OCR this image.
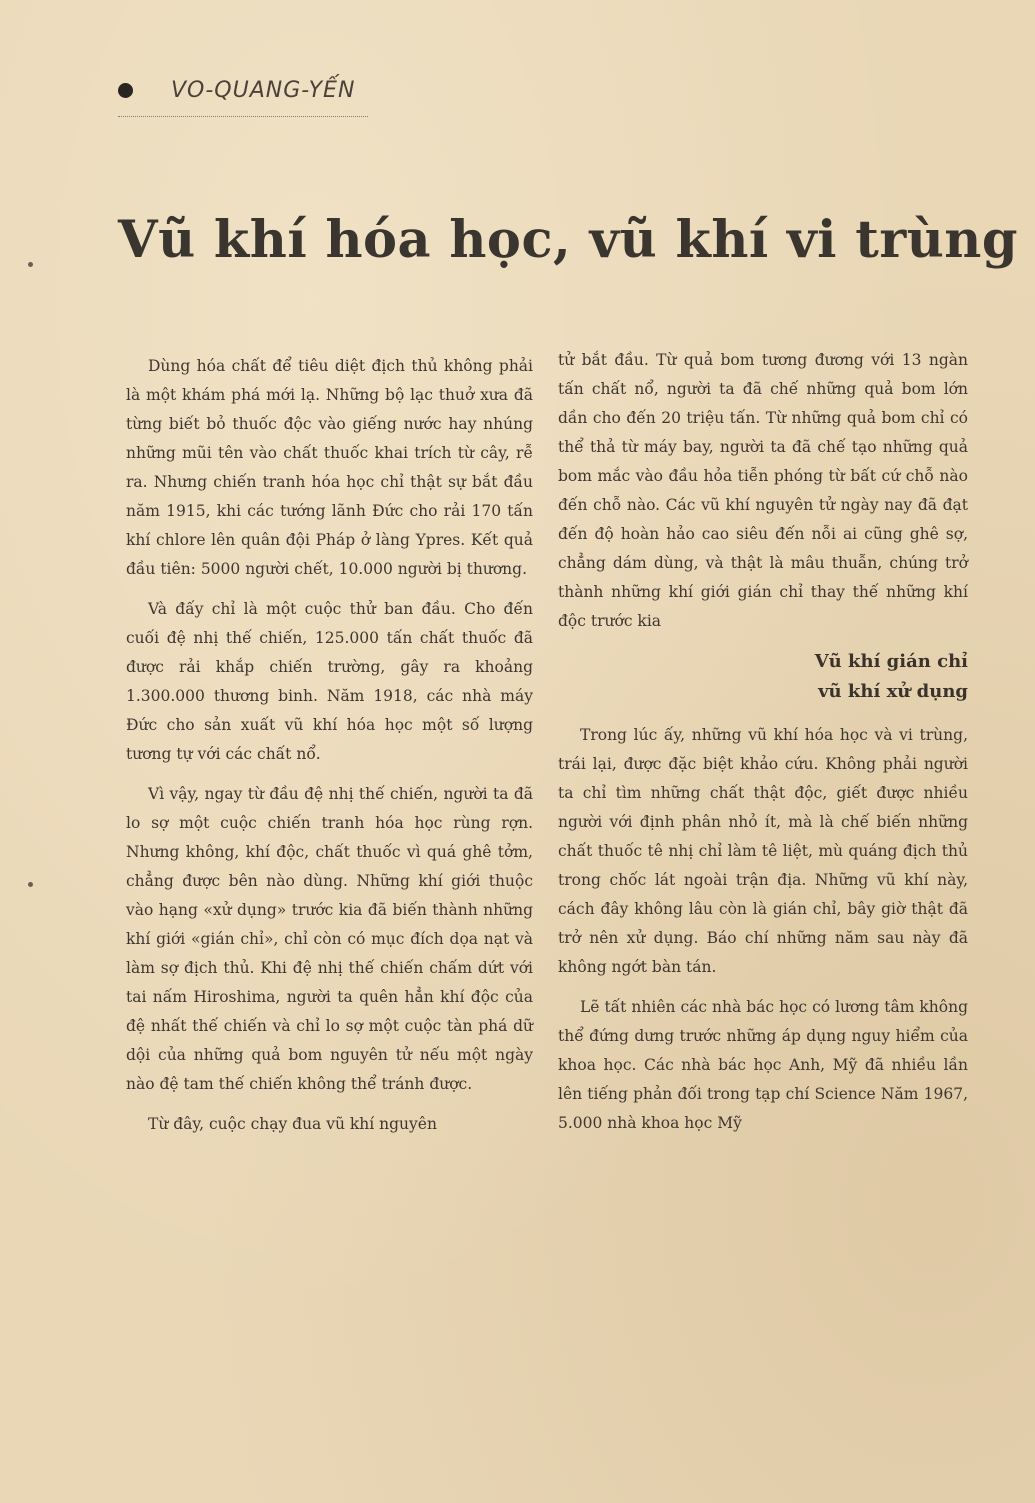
VO-QUANG-YẾN
Vũ khí hóa học, vũ khí vi trùng

Dùng hóa chất để tiêu diệt địch thủ không phải là một khám phá mới lạ. Những bộ lạc thuở xưa đã từng biết bỏ thuốc độc vào giếng nước hay nhúng những mũi tên vào chất thuốc khai trích từ cây, rễ ra. Nhưng chiến tranh hóa học chỉ thật sự bắt đầu năm 1915, khi các tướng lãnh Đức cho rải 170 tấn khí chlore lên quân đội Pháp ở làng Ypres. Kết quả đầu tiên: 5000 người chết, 10.000 người bị thương.

Và đấy chỉ là một cuộc thử ban đầu. Cho đến cuối đệ nhị thế chiến, 125.000 tấn chất thuốc đã được rải khắp chiến trường, gây ra khoảng 1.300.000 thương binh. Năm 1918, các nhà máy Đức cho sản xuất vũ khí hóa học một số lượng tương tự với các chất nổ.

Vì vậy, ngay từ đầu đệ nhị thế chiến, người ta đã lo sợ một cuộc chiến tranh hóa học rùng rợn. Nhưng không, khí độc, chất thuốc vì quá ghê tởm, chẳng được bên nào dùng. Những khí giới thuộc vào hạng «xử dụng» trước kia đã biến thành những khí giới «gián chỉ», chỉ còn có mục đích dọa nạt và làm sợ địch thủ. Khi đệ nhị thế chiến chấm dứt với tai nấm Hiroshima, người ta quên hẳn khí độc của đệ nhất thế chiến và chỉ lo sợ một cuộc tàn phá dữ dội của những quả bom nguyên tử nếu một ngày nào đệ tam thế chiến không thể tránh được.

Từ đây, cuộc chạy đua vũ khí nguyên

tử bắt đầu. Từ quả bom tương đương với 13 ngàn tấn chất nổ, người ta đã chế những quả bom lớn dần cho đến 20 triệu tấn. Từ những quả bom chỉ có thể thả từ máy bay, người ta đã chế tạo những quả bom mắc vào đầu hỏa tiễn phóng từ bất cứ chỗ nào đến chỗ nào. Các vũ khí nguyên tử ngày nay đã đạt đến độ hoàn hảo cao siêu đến nỗi ai cũng ghê sợ, chẳng dám dùng, và thật là mâu thuẫn, chúng trở thành những khí giới gián chỉ thay thế những khí độc trước kia

Vũ khí gián chỉ
vũ khí xử dụng

Trong lúc ấy, những vũ khí hóa học và vi trùng, trái lại, được đặc biệt khảo cứu. Không phải người ta chỉ tìm những chất thật độc, giết được nhiều người với định phân nhỏ ít, mà là chế biến những chất thuốc tê nhị chỉ làm tê liệt, mù quáng địch thủ trong chốc lát ngoài trận địa. Những vũ khí này, cách đây không lâu còn là gián chỉ, bây giờ thật đã trở nên xử dụng. Báo chí những năm sau này đã không ngớt bàn tán.

Lẽ tất nhiên các nhà bác học có lương tâm không thể đứng dưng trước những áp dụng nguy hiểm của khoa học. Các nhà bác học Anh, Mỹ đã nhiều lần lên tiếng phản đối trong tạp chí Science Năm 1967, 5.000 nhà khoa học Mỹ
